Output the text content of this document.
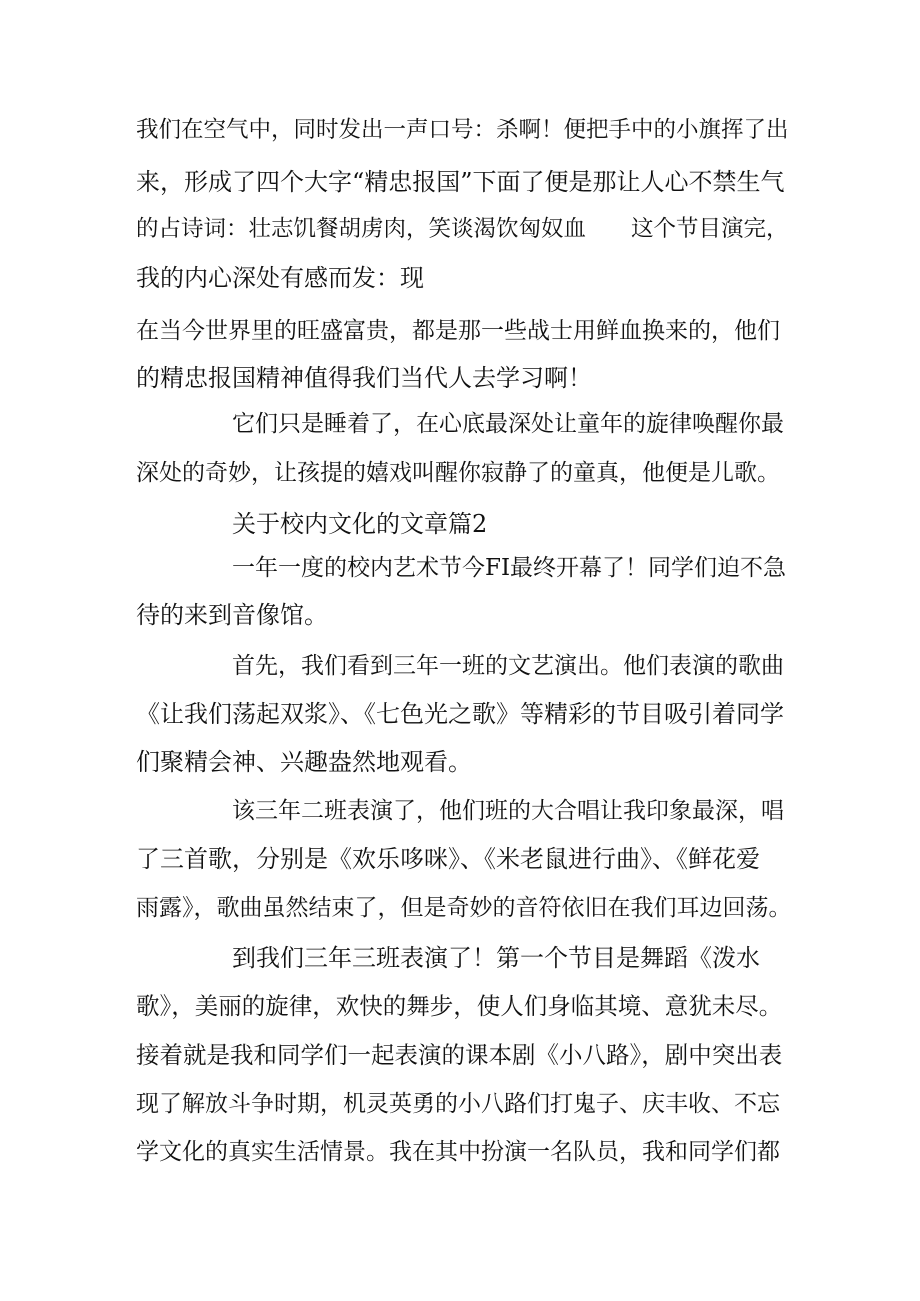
我们在空气中，同时发出一声口号：杀啊！便把手中的小旗挥了出
来，形成了四个大字“精忠报国”下面了便是那让人心不禁生气
的占诗词：壮志饥餐胡虏肉，笑谈渴饮匈奴血　　这个节目演完，
我的内心深处有感而发：现
在当今世界里的旺盛富贵，都是那一些战士用鲜血换来的，他们
的精忠报国精神值得我们当代人去学习啊！
它们只是睡着了，在心底最深处让童年的旋律唤醒你最
深处的奇妙，让孩提的嬉戏叫醒你寂静了的童真，他便是儿歌。
关于校内文化的文章篇2
一年一度的校内艺术节今FI最终开幕了！同学们迫不急
待的来到音像馆。
首先，我们看到三年一班的文艺演出。他们表演的歌曲
《让我们荡起双浆》、《七色光之歌》等精彩的节目吸引着同学
们聚精会神、兴趣盎然地观看。
该三年二班表演了，他们班的大合唱让我印象最深，唱
了三首歌，分别是《欢乐哆咪》、《米老鼠进行曲》、《鲜花爱
雨露》，歌曲虽然结束了，但是奇妙的音符依旧在我们耳边回荡。
到我们三年三班表演了！第一个节目是舞蹈《泼水
歌》，美丽的旋律，欢快的舞步，使人们身临其境、意犹未尽。
接着就是我和同学们一起表演的课本剧《小八路》，剧中突出表
现了解放斗争时期，机灵英勇的小八路们打鬼子、庆丰收、不忘
学文化的真实生活情景。我在其中扮演一名队员，我和同学们都
